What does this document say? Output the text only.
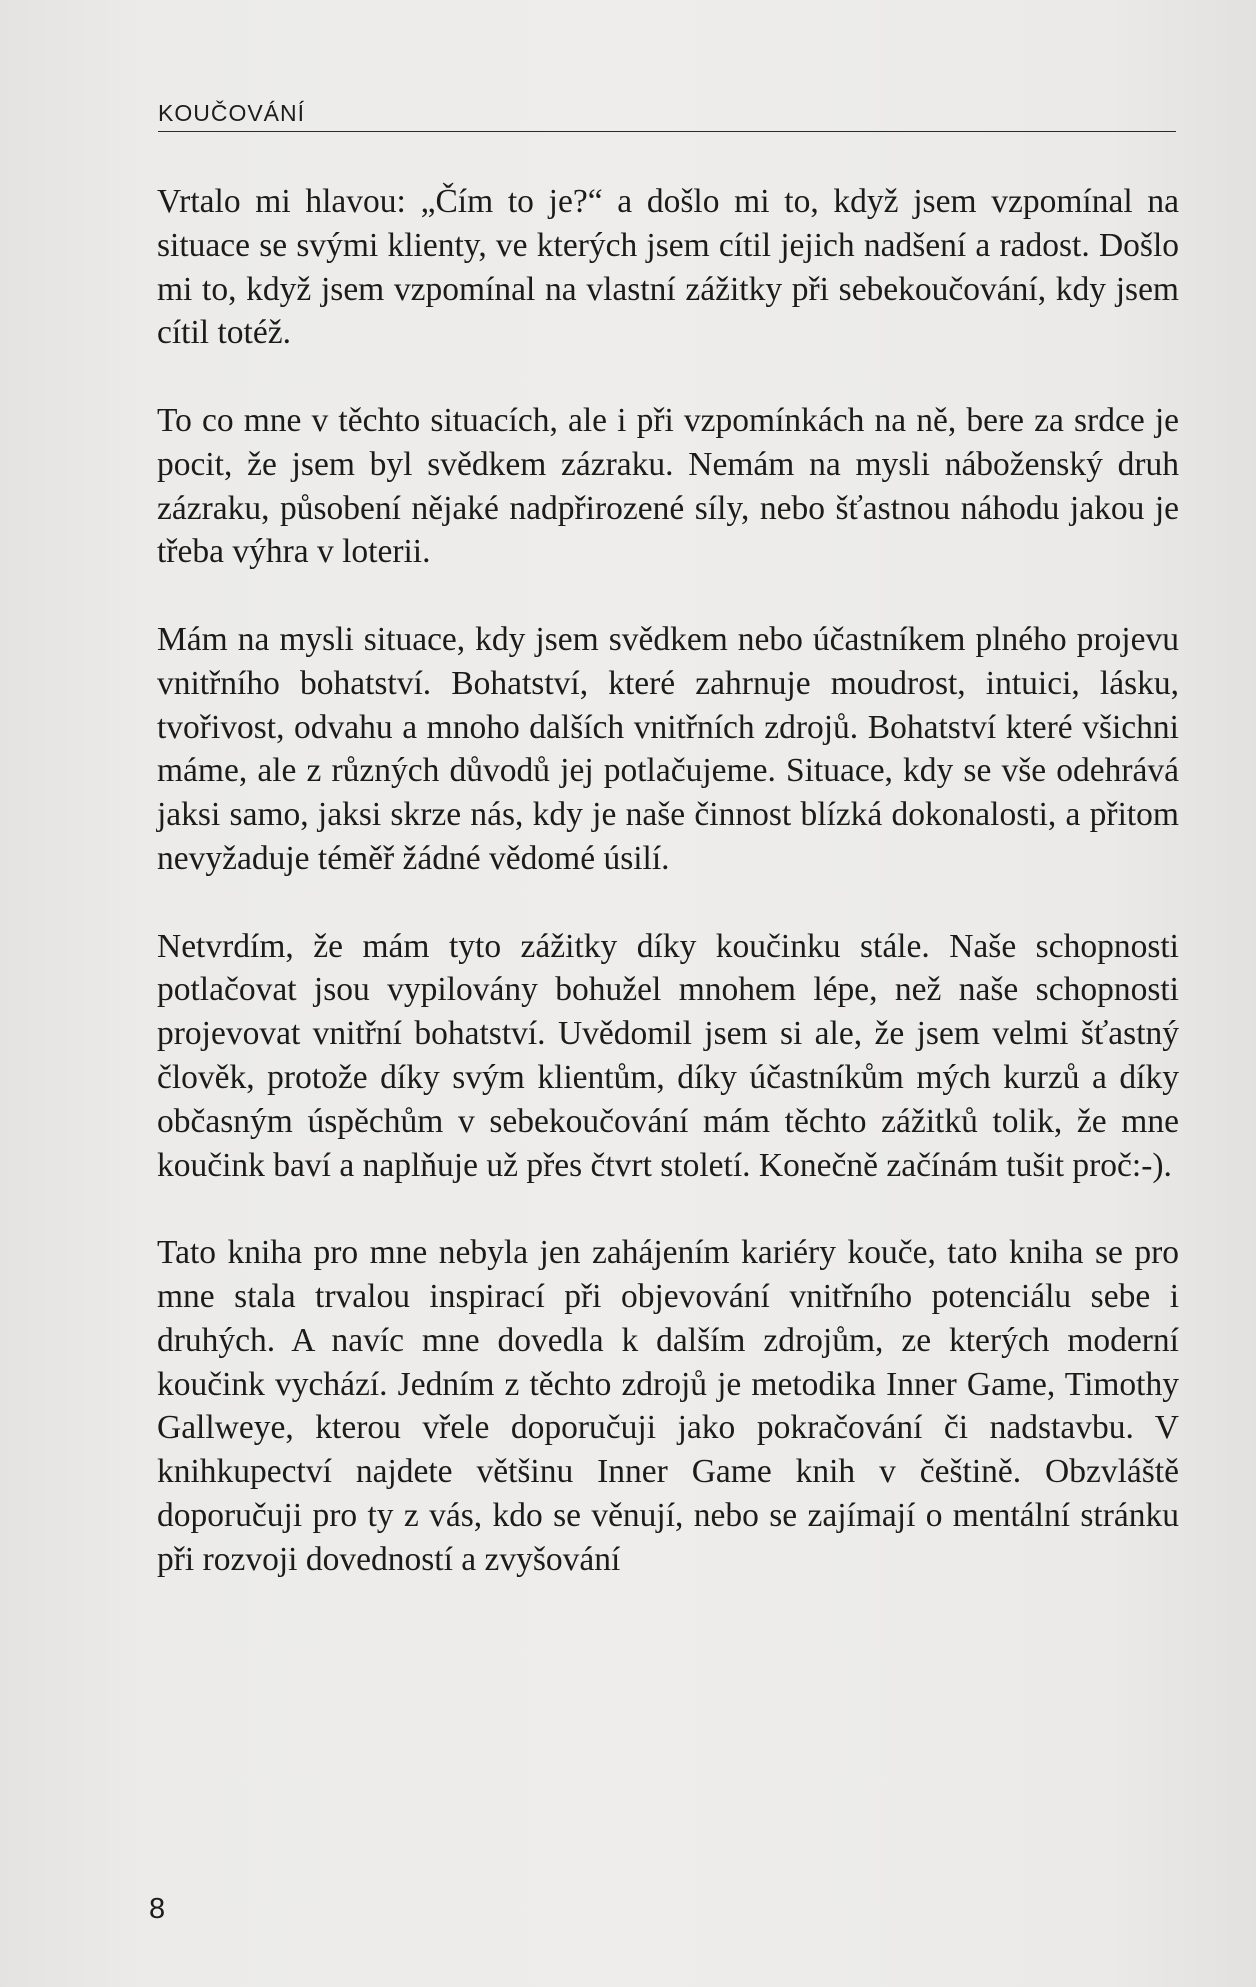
KOUČOVÁNÍ

Vrtalo mi hlavou: „Čím to je?“ a došlo mi to, když jsem vzpomínal na situace se svými klienty, ve kterých jsem cítil jejich nadšení a radost. Došlo mi to, když jsem vzpomínal na vlastní zážitky při sebekoučování, kdy jsem cítil totéž.

To co mne v těchto situacích, ale i při vzpomínkách na ně, bere za srdce je pocit, že jsem byl svědkem zázraku. Nemám na mysli náboženský druh zázraku, působení nějaké nadpřirozené síly, nebo šťastnou náhodu jakou je třeba výhra v loterii.

Mám na mysli situace, kdy jsem svědkem nebo účastníkem plného projevu vnitřního bohatství. Bohatství, které zahrnuje moudrost, intuici, lásku, tvořivost, odvahu a mnoho dalších vnitřních zdrojů. Bohatství které všichni máme, ale z různých důvodů jej potlačujeme. Situace, kdy se vše odehrává jaksi samo, jaksi skrze nás, kdy je naše činnost blízká dokonalosti, a přitom nevyžaduje téměř žádné vědomé úsilí.

Netvrdím, že mám tyto zážitky díky koučinku stále. Naše schopnosti potlačovat jsou vypilovány bohužel mnohem lépe, než naše schopnosti projevovat vnitřní bohatství. Uvědomil jsem si ale, že jsem velmi šťastný člověk, protože díky svým klientům, díky účastníkům mých kurzů a díky občasným úspěchům v sebekoučování mám těchto zážitků tolik, že mne koučink baví a naplňuje už přes čtvrt století. Konečně začínám tušit proč:-).

Tato kniha pro mne nebyla jen zahájením kariéry kouče, tato kniha se pro mne stala trvalou inspirací při objevování vnitřního potenciálu sebe i druhých. A navíc mne dovedla k dalším zdrojům, ze kterých moderní koučink vychází. Jedním z těchto zdrojů je metodika Inner Game, Timothy Gallweye, kterou vřele doporučuji jako pokračování či nadstavbu. V knihkupectví najdete většinu Inner Game knih v češtině. Obzvláště doporučuji pro ty z vás, kdo se věnují, nebo se zajímají o mentální stránku při rozvoji dovedností a zvyšování

8
